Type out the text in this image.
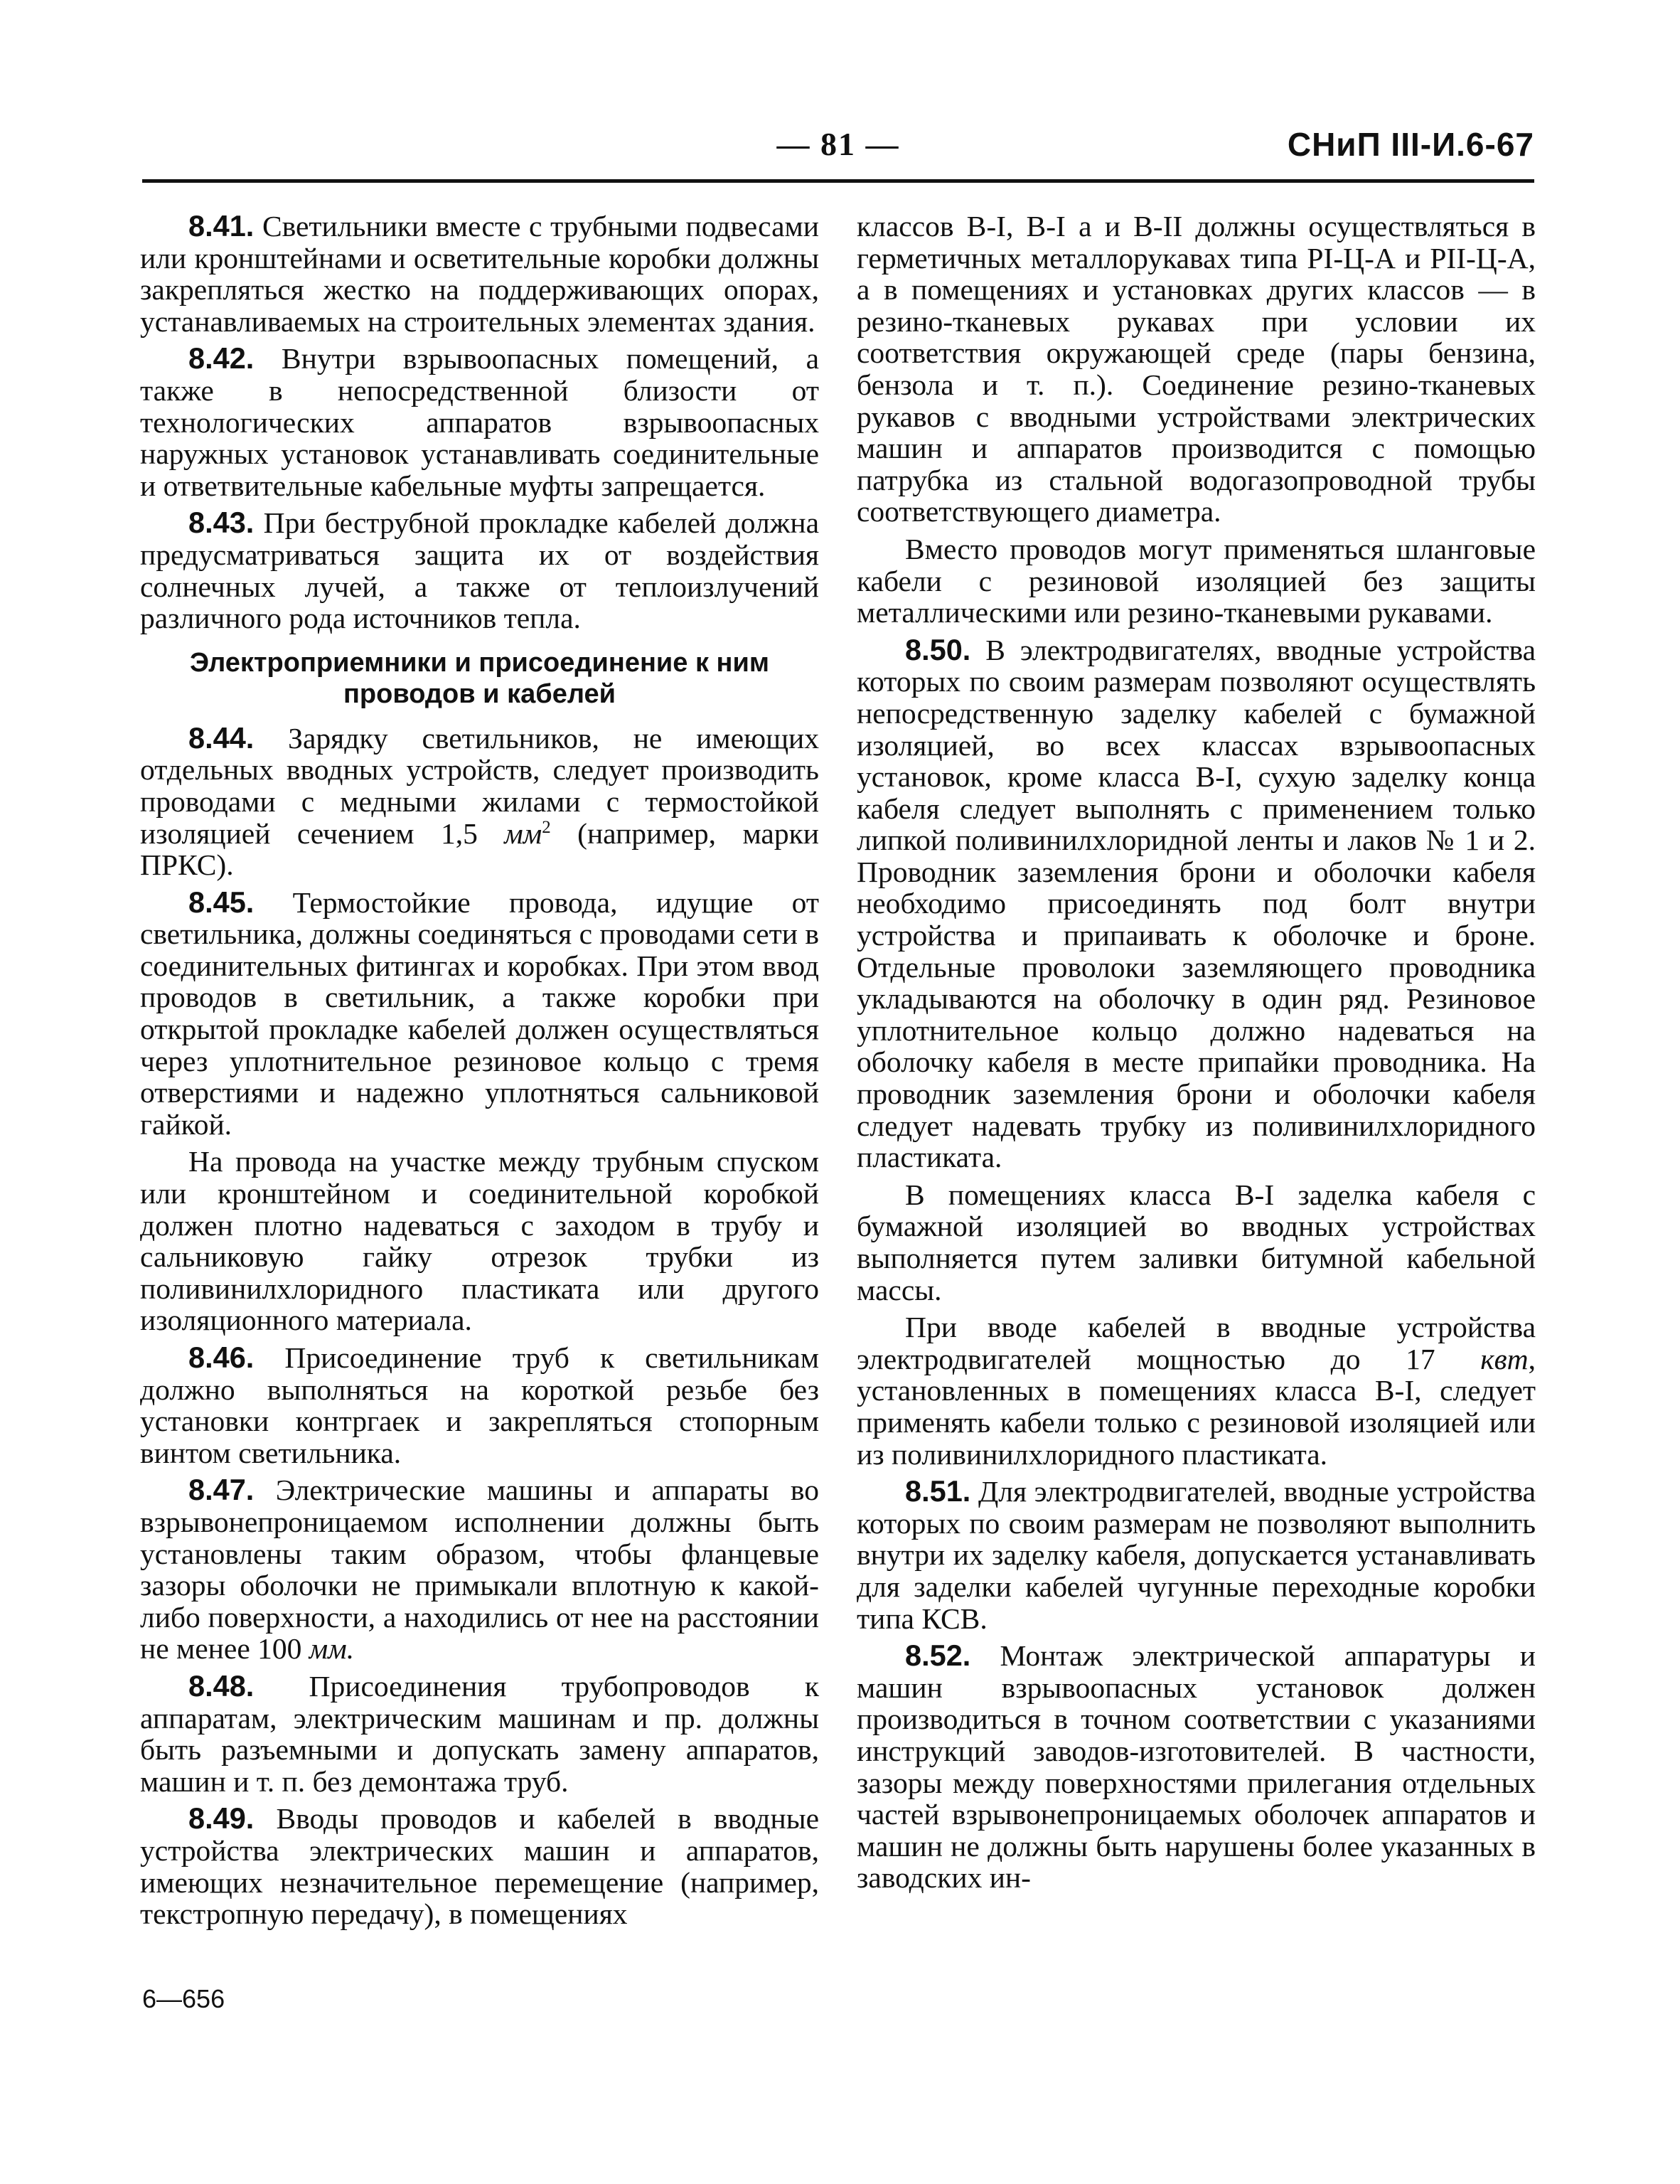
— 81 —	СНиП III-И.6-67

8.41. Светильники вместе с трубными подвесами или кронштейнами и осветительные коробки должны закрепляться жестко на поддерживающих опорах, устанавливаемых на строительных элементах здания.

8.42. Внутри взрывоопасных помещений, а также в непосредственной близости от технологических аппаратов взрывоопасных наружных установок устанавливать соединительные и ответвительные кабельные муфты запрещается.

8.43. При беструбной прокладке кабелей должна предусматриваться защита их от воздействия солнечных лучей, а также от теплоизлучений различного рода источников тепла.

Электроприемники и присоединение к ним проводов и кабелей

8.44. Зарядку светильников, не имеющих отдельных вводных устройств, следует производить проводами с медными жилами с термостойкой изоляцией сечением 1,5 $мм^2$ (например, марки ПРКС).

8.45. Термостойкие провода, идущие от светильника, должны соединяться с проводами сети в соединительных фитингах и коробках. При этом ввод проводов в светильник, а также коробки при открытой прокладке кабелей должен осуществляться через уплотнительное резиновое кольцо с тремя отверстиями и надежно уплотняться сальниковой гайкой.

На провода на участке между трубным спуском или кронштейном и соединительной коробкой должен плотно надеваться с заходом в трубу и сальниковую гайку отрезок трубки из поливинилхлоридного пластиката или другого изоляционного материала.

8.46. Присоединение труб к светильникам должно выполняться на короткой резьбе без установки контргаек и закрепляться стопорным винтом светильника.

8.47. Электрические машины и аппараты во взрывонепроницаемом исполнении должны быть установлены таким образом, чтобы фланцевые зазоры оболочки не примыкали вплотную к какой-либо поверхности, а находились от нее на расстоянии не менее 100 мм.

8.48. Присоединения трубопроводов к аппаратам, электрическим машинам и пр. должны быть разъемными и допускать замену аппаратов, машин и т. п. без демонтажа труб.

8.49. Вводы проводов и кабелей в вводные устройства электрических машин и аппаратов, имеющих незначительное перемещение (например, текстропную передачу), в помещениях

классов В-I, В-I а и В-II должны осуществляться в герметичных металлорукавах типа РI-Ц-А и РII-Ц-А, а в помещениях и установках других классов — в резино-тканевых рукавах при условии их соответствия окружающей среде (пары бензина, бензола и т. п.). Соединение резино-тканевых рукавов с вводными устройствами электрических машин и аппаратов производится с помощью патрубка из стальной водогазопроводной трубы соответствующего диаметра.

Вместо проводов могут применяться шланговые кабели с резиновой изоляцией без защиты металлическими или резино-тканевыми рукавами.

8.50. В электродвигателях, вводные устройства которых по своим размерам позволяют осуществлять непосредственную заделку кабелей с бумажной изоляцией, во всех классах взрывоопасных установок, кроме класса В-I, сухую заделку конца кабеля следует выполнять с применением только липкой поливинилхлоридной ленты и лаков № 1 и 2. Проводник заземления брони и оболочки кабеля необходимо присоединять под болт внутри устройства и припаивать к оболочке и броне. Отдельные проволоки заземляющего проводника укладываются на оболочку в один ряд. Резиновое уплотнительное кольцо должно надеваться на оболочку кабеля в месте припайки проводника. На проводник заземления брони и оболочки кабеля следует надевать трубку из поливинилхлоридного пластиката.

В помещениях класса В-I заделка кабеля с бумажной изоляцией во вводных устройствах выполняется путем заливки битумной кабельной массы.

При вводе кабелей в вводные устройства электродвигателей мощностью до 17 квт, установленных в помещениях класса В-I, следует применять кабели только с резиновой изоляцией или из поливинилхлоридного пластиката.

8.51. Для электродвигателей, вводные устройства которых по своим размерам не позволяют выполнить внутри их заделку кабеля, допускается устанавливать для заделки кабелей чугунные переходные коробки типа КСВ.

8.52. Монтаж электрической аппаратуры и машин взрывоопасных установок должен производиться в точном соответствии с указаниями инструкций заводов-изготовителей. В частности, зазоры между поверхностями прилегания отдельных частей взрывонепроницаемых оболочек аппаратов и машин не должны быть нарушены более указанных в заводских ин-

6—656
